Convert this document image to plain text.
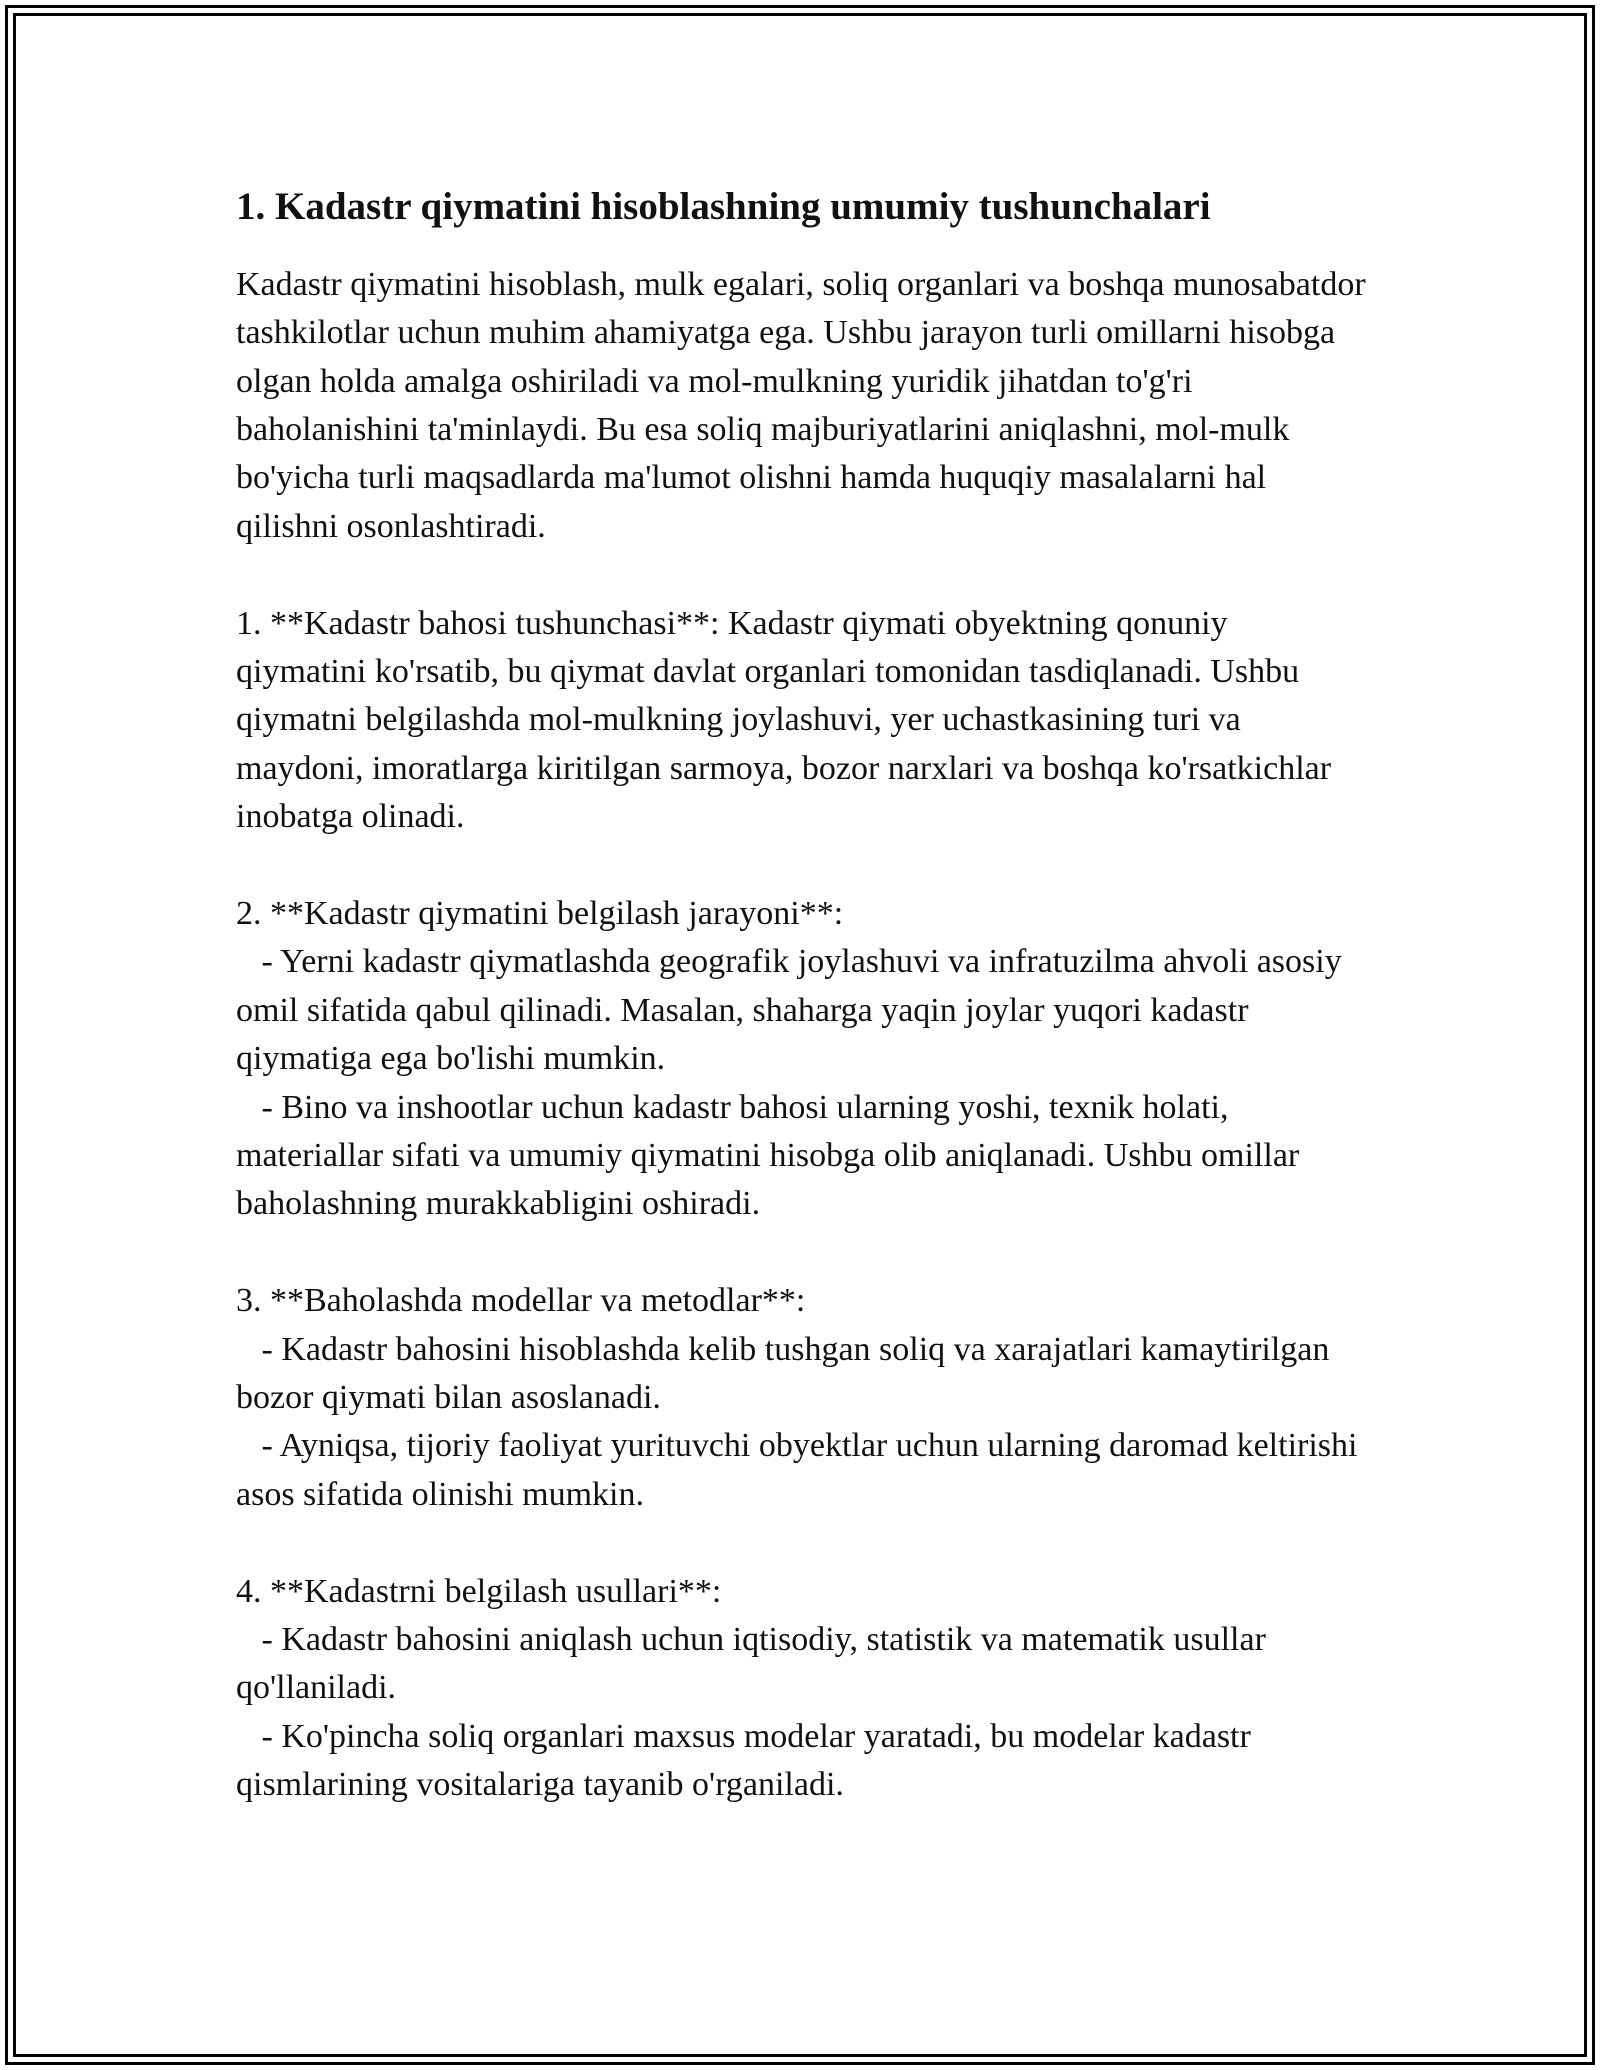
1. Kadastr qiymatini hisoblashning umumiy tushunchalari

Kadastr qiymatini hisoblash, mulk egalari, soliq organlari va boshqa munosabatdor tashkilotlar uchun muhim ahamiyatga ega. Ushbu jarayon turli omillarni hisobga olgan holda amalga oshiriladi va mol-mulkning yuridik jihatdan to'g'ri baholanishini ta'minlaydi. Bu esa soliq majburiyatlarini aniqlashni, mol-mulk bo'yicha turli maqsadlarda ma'lumot olishni hamda huquqiy masalalarni hal qilishni osonlashtiradi.

1. **Kadastr bahosi tushunchasi**: Kadastr qiymati obyektning qonuniy qiymatini ko'rsatib, bu qiymat davlat organlari tomonidan tasdiqlanadi. Ushbu qiymatni belgilashda mol-mulkning joylashuvi, yer uchastkasining turi va maydoni, imoratlarga kiritilgan sarmoya, bozor narxlari va boshqa ko'rsatkichlar inobatga olinadi.

2. **Kadastr qiymatini belgilash jarayoni**:

- Yerni kadastr qiymatlashda geografik joylashuvi va infratuzilma ahvoli asosiy omil sifatida qabul qilinadi. Masalan, shaharga yaqin joylar yuqori kadastr qiymatiga ega bo'lishi mumkin.

- Bino va inshootlar uchun kadastr bahosi ularning yoshi, texnik holati, materiallar sifati va umumiy qiymatini hisobga olib aniqlanadi. Ushbu omillar baholashning murakkabligini oshiradi.

3. **Baholashda modellar va metodlar**:

- Kadastr bahosini hisoblashda kelib tushgan soliq va xarajatlari kamaytirilgan bozor qiymati bilan asoslanadi.

- Ayniqsa, tijoriy faoliyat yurituvchi obyektlar uchun ularning daromad keltirishi asos sifatida olinishi mumkin.

4. **Kadastrni belgilash usullari**:

- Kadastr bahosini aniqlash uchun iqtisodiy, statistik va matematik usullar qo'llaniladi.

- Ko'pincha soliq organlari maxsus modelar yaratadi, bu modelar kadastr qismlarining vositalariga tayanib o'rganiladi.
